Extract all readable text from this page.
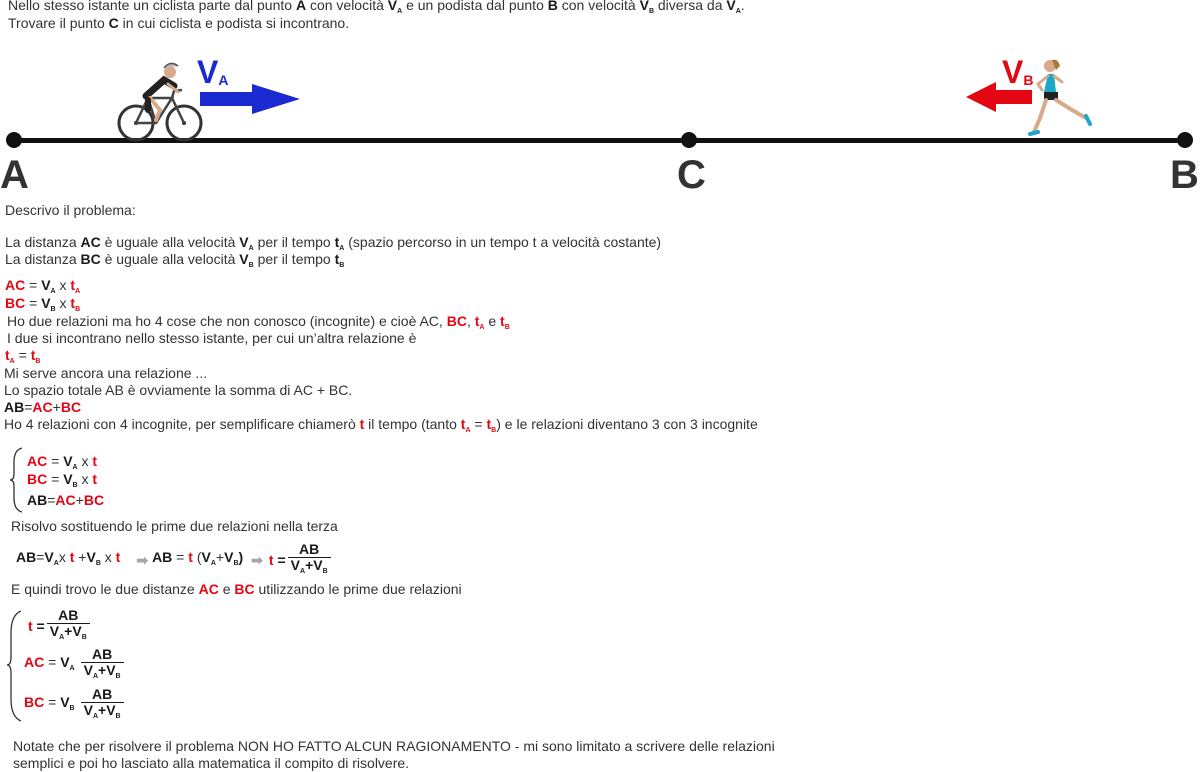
Nello stesso istante un ciclista parte dal punto A con velocità $V_A$ e un podista dal punto B con velocità $V_B$ diversa da $V_A$.
Trovare il punto C in cui ciclista e podista si incontrano.
A	C	B
$V_A$	$V_B$
Descrivo il problema:
La distanza AC è uguale alla velocità $V_A$ per il tempo $t_A$ (spazio percorso in un tempo t a velocità costante)
La distanza BC è uguale alla velocità $V_B$ per il tempo $t_B$
AC = $V_A$ x $t_A$
BC = $V_B$ x $t_B$
Ho due relazioni ma ho 4 cose che non conosco (incognite) e cioè AC, BC, $t_A$ e $t_B$
I due si incontrano nello stesso istante, per cui un’altra relazione è
$t_A = t_B$
Mi serve ancora una relazione ...
Lo spazio totale AB è ovviamente la somma di AC + BC.
AB=AC+BC
Ho 4 relazioni con 4 incognite, per semplificare chiamerò t il tempo (tanto $t_A = t_B$) e le relazioni diventano 3 con 3 incognite
AC = $V_A$ x t
BC = $V_B$ x t
AB=AC+BC
Risolvo sostituendo le prime due relazioni nella terza
$AB=V_Ax$ $t +V_B$ x t ➡ AB = t $(V_A+V_B)$ ➡ $t = \frac{AB}{V_A+V_B}$
E quindi trovo le due distanze AC e BC utilizzando le prime due relazioni
$t = \frac{AB}{V_A+V_B}$
AC = $V_A \frac{AB}{V_A+V_B}$
BC = $V_B \frac{AB}{V_A+V_B}$
Notate che per risolvere il problema NON HO FATTO ALCUN RAGIONAMENTO - mi sono limitato a scrivere delle relazioni
semplici e poi ho lasciato alla matematica il compito di risolvere.
